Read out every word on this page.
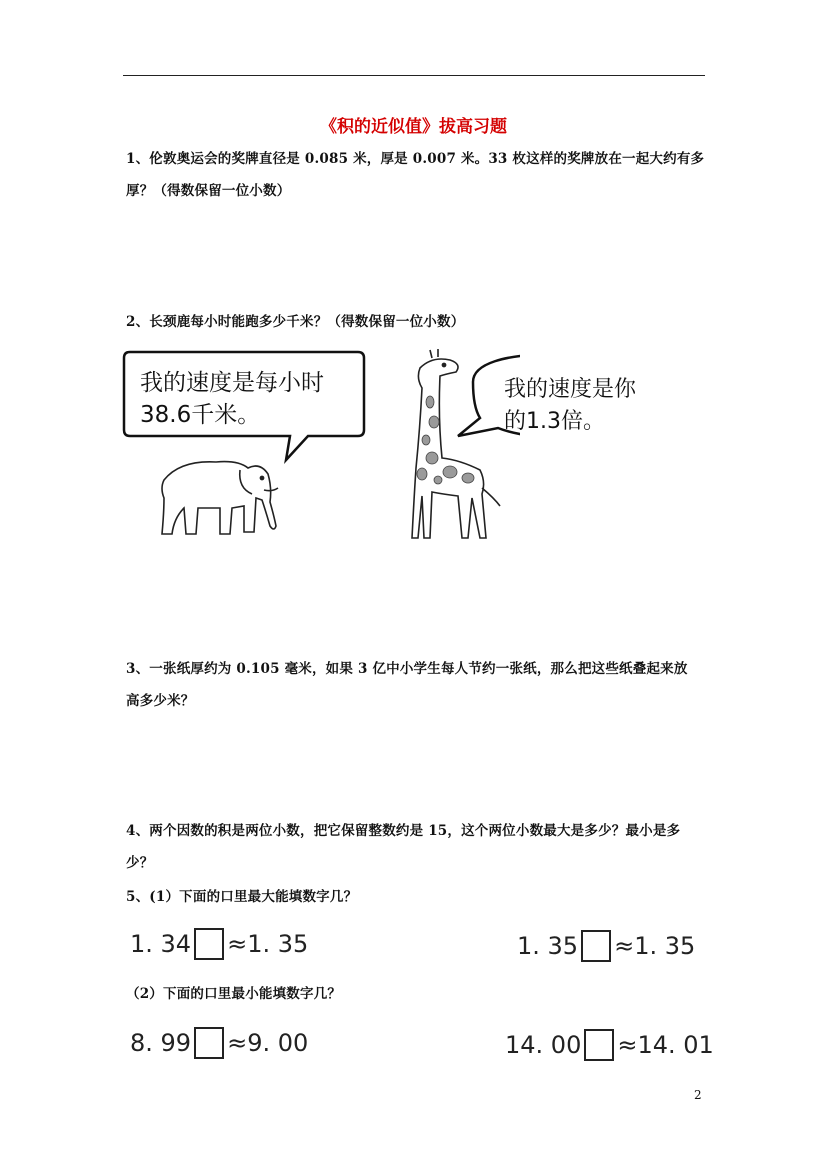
《积的近似值》拔高习题
1、伦敦奥运会的奖牌直径是 0.085 米，厚是 0.007 米。33 枚这样的奖牌放在一起大约有多
厚？（得数保留一位小数）
2、长颈鹿每小时能跑多少千米？（得数保留一位小数）
我的速度是每小时
38.6千米。
我的速度是你
的1.3倍。
3、一张纸厚约为 0.105 毫米，如果 3 亿中小学生每人节约一张纸，那么把这些纸叠起来放
高多少米？
4、两个因数的积是两位小数，把它保留整数约是 15，这个两位小数最大是多少？最小是多
少？
5、(1）下面的口里最大能填数字几？
1. 34 ≈1. 35	1. 35 ≈1. 35
（2）下面的口里最小能填数字几？
8. 99 ≈9. 00	14. 00 ≈14. 01
2
